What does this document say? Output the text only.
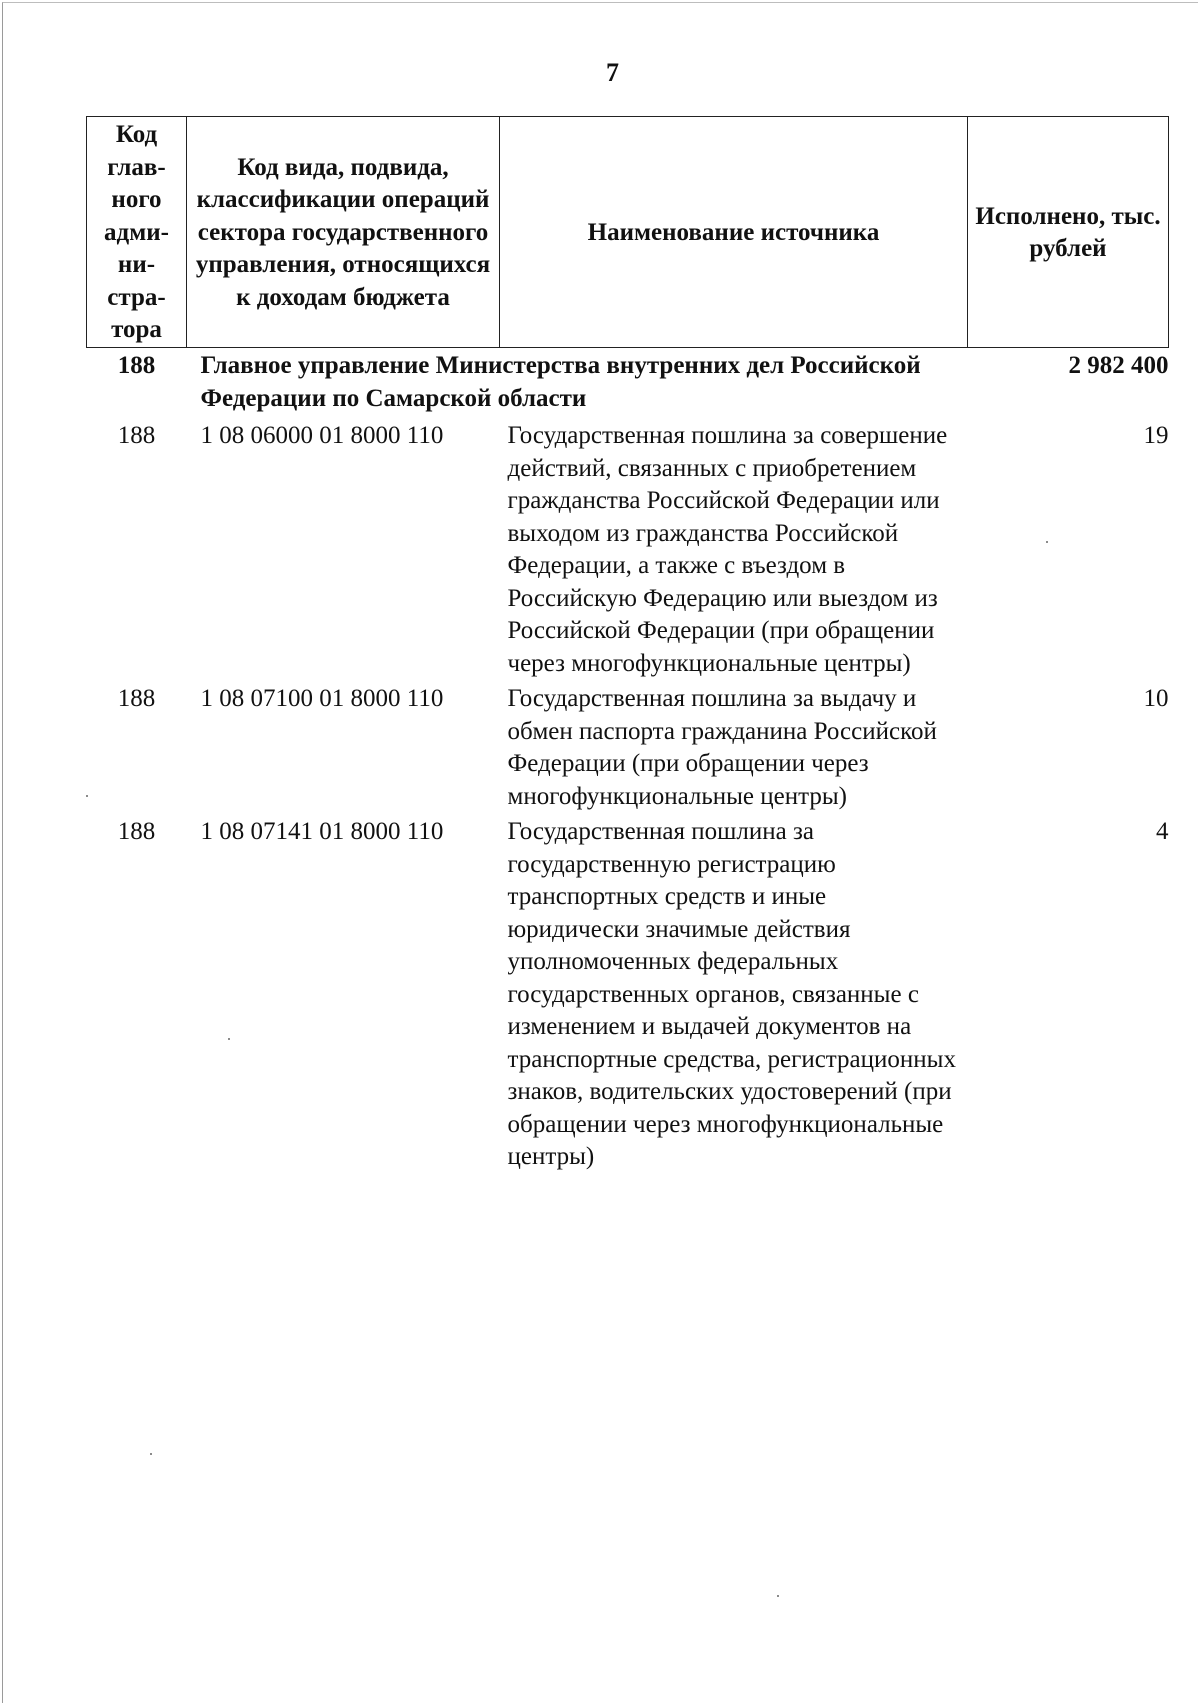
7
Код глав-ного адми-ни-стра-тора	Код вида, подвида, классификации операций сектора государственного управления, относящихся к доходам бюджета	Наименование источника	Исполнено, тыс. рублей
188	Главное управление Министерства внутренних дел Российской Федерации по Самарской области		2 982 400
188	1 08 06000 01 8000 110	Государственная пошлина за совершение действий, связанных с приобретением гражданства Российской Федерации или выходом из гражданства Российской Федерации, а также с въездом в Российскую Федерацию или выездом из Российской Федерации (при обращении через многофункциональные центры)	19
188	1 08 07100 01 8000 110	Государственная пошлина за выдачу и обмен паспорта гражданина Российской Федерации (при обращении через многофункциональные центры)	10
188	1 08 07141 01 8000 110	Государственная пошлина за государственную регистрацию транспортных средств и иные юридически значимые действия уполномоченных федеральных государственных органов, связанные с изменением и выдачей документов на транспортные средства, регистрационных знаков, водительских удостоверений (при обращении через многофункциональные центры)	4
